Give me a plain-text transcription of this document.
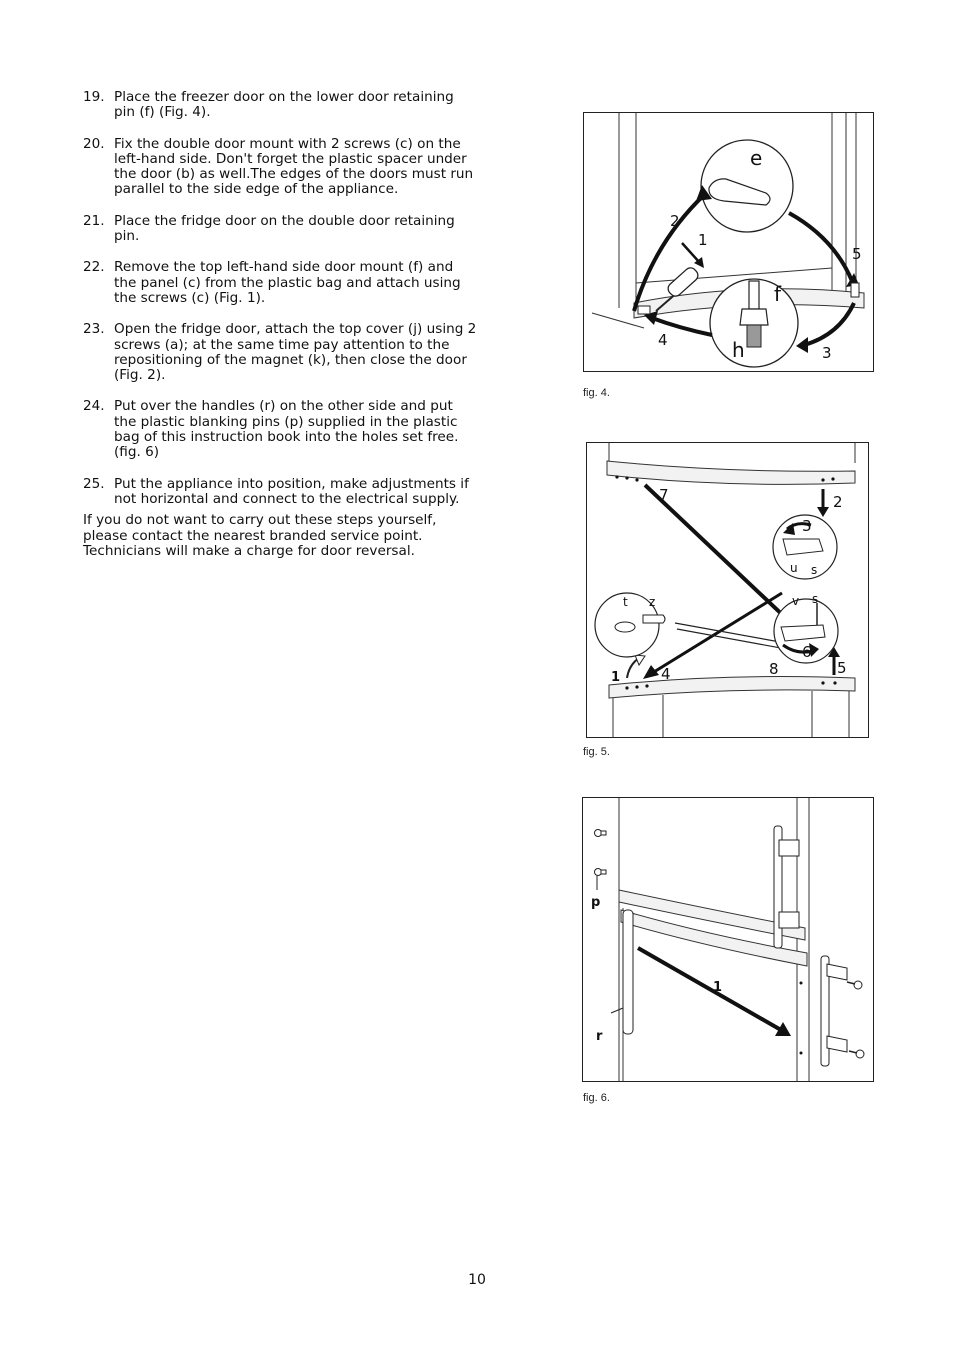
19. Place the freezer door on the lower door retaining pin (f) (Fig. 4).
20. Fix the double door mount with 2 screws (c) on the left-hand side. Don't forget the plastic spacer under the door (b) as well.The edges of the doors must run parallel to the side edge of the appliance.
21. Place the fridge door on the double door retaining pin.
22. Remove the top left-hand side door mount (f) and the panel (c) from the plastic bag and attach using the screws (c) (Fig. 1).
23. Open the fridge door, attach the top cover (j) using 2 screws (a); at the same time pay attention to the repositioning of the magnet (k), then close the door (Fig. 2).
24. Put over the handles (r) on the other side and put the plastic blanking pins (p) supplied in the plastic bag of this instruction book into the holes set free. (fig. 6)
25. Put the appliance into position, make adjustments if not horizontal and connect to the electrical supply.
If you do not want to carry out these steps yourself, please contact the nearest branded service point. Technicians will make a charge for door reversal.
e
f
h
1
2
3
4
5
fig. 4.
1
2
3
4	5
6
7
8
t z
u s
v s
fig. 5.
p
r
1
fig. 6.
10
